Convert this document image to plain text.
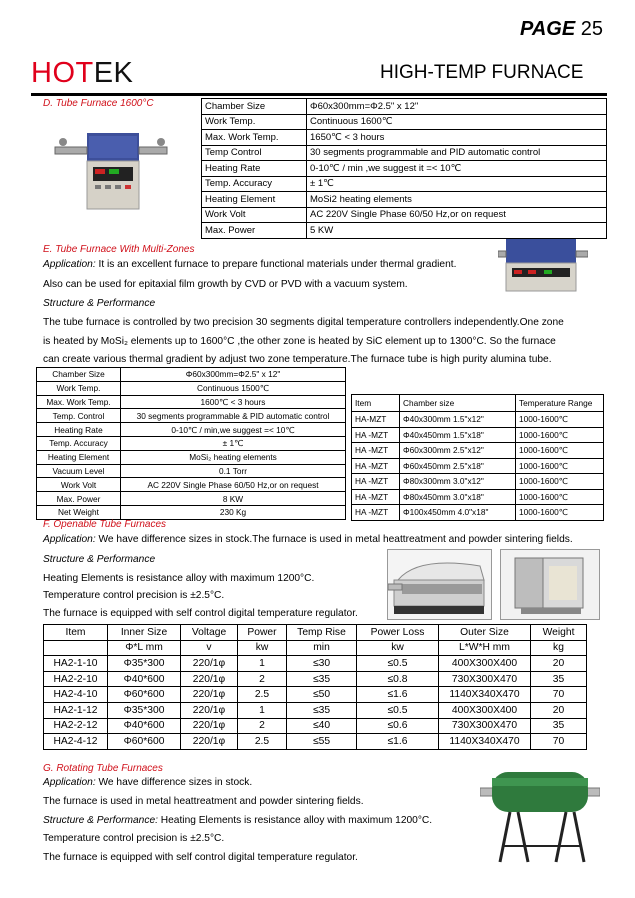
PAGE 25
HOTEK	HIGH-TEMP FURNACE
D. Tube Furnace 1600°C	Chamber Size	Φ60x300mm=Φ2.5" x 12"
Work Temp.	Continuous 1600℃
Max. Work Temp.	1650℃ < 3 hours
Temp Control	30 segments programmable and PID automatic control
Heating Rate	0-10℃ / min ,we suggest it =< 10℃
Temp. Accuracy	± 1℃
Heating Element	MoSi2 heating elements
Work Volt	AC 220V Single Phase 60/50 Hz,or on request
Max. Power	5 KW
E. Tube Furnace With Multi-Zones
Application: It is an excellent furnace to prepare functional materials under thermal gradient.
Also can be used for epitaxial film growth by CVD or PVD with a vacuum system.
Structure & Performance
The tube furnace is controlled by two precision 30 segments digital temperature controllers independently.One zone
is heated by MoSi₂ elements up to 1600°C ,the other zone is heated by SiC element up to 1300°C. So the furnace
can create various thermal gradient by adjust two zone temperature.The furnace tube is high purity alumina tube.
Chamber Size	Φ60x300mm=Φ2.5" x 12"
Work Temp.	Continuous 1500℃
Max. Work Temp.	1600℃ < 3 hours
Temp. Control	30 segments programmable & PID automatic control
Heating Rate	0-10℃ / min,we suggest =< 10℃
Temp. Accuracy	± 1℃
Heating Element	MoSi₂ heating elements
Vacuum Level	0.1 Torr
Work Volt	AC 220V Single Phase 60/50 Hz,or on request
Max. Power	8 KW
Net Weight	230 Kg
Item	Chamber size	Temperature Range
HA-MZT	Φ40x300mm 1.5"x12"	1000-1600℃
HA -MZT	Φ40x450mm 1.5"x18"	1000-1600℃
HA -MZT	Φ60x300mm 2.5"x12"	1000-1600℃
HA -MZT	Φ60x450mm 2.5"x18"	1000-1600℃
HA -MZT	Φ80x300mm 3.0"x12"	1000-1600℃
HA -MZT	Φ80x450mm 3.0"x18"	1000-1600℃
HA -MZT	Φ100x450mm 4.0"x18"	1000-1600℃
F. Openable Tube Furnaces
Application: We have difference sizes in stock.The furnace is used in metal heattreatment and powder sintering fields.
Structure & Performance
Heating Elements is resistance alloy with maximum 1200°C.
Temperature control precision is ±2.5°C.
The furnace is equipped with self control digital temperature regulator.
Item	Inner Size	Voltage	Power	Temp Rise	Power Loss	Outer Size	Weight
	Φ*L mm	v	kw	min	kw	L*W*H mm	kg
HA2-1-10	Φ35*300	220/1φ	1	≤30	≤0.5	400X300X400	20
HA2-2-10	Φ40*600	220/1φ	2	≤35	≤0.8	730X300X470	35
HA2-4-10	Φ60*600	220/1φ	2.5	≤50	≤1.6	1140X340X470	70
HA2-1-12	Φ35*300	220/1φ	1	≤35	≤0.5	400X300X400	20
HA2-2-12	Φ40*600	220/1φ	2	≤40	≤0.6	730X300X470	35
HA2-4-12	Φ60*600	220/1φ	2.5	≤55	≤1.6	1140X340X470	70
G. Rotating Tube Furnaces
Application: We have difference sizes in stock.
The furnace is used in metal heattreatment and powder sintering fields.
Structure & Performance: Heating Elements is resistance alloy with maximum 1200°C.
Temperature control precision is ±2.5°C.
The furnace is equipped with self control digital temperature regulator.
